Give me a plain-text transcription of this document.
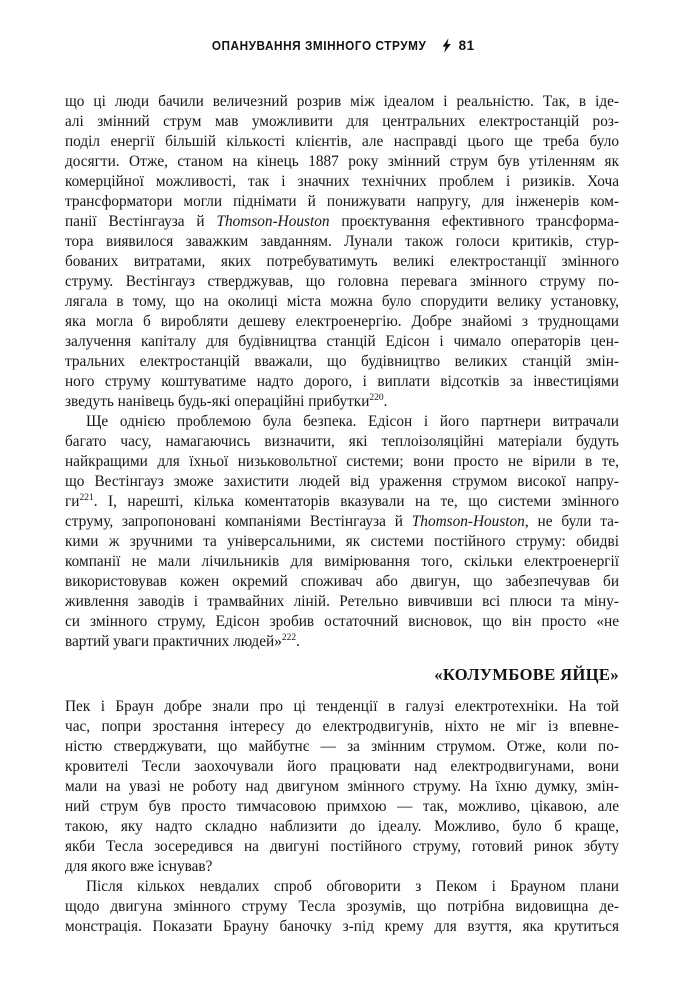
ОПАНУВАННЯ ЗМІННОГО СТРУМУ 81
що ці люди бачили величезний розрив між ідеалом і реальністю. Так, в іде-
алі змінний струм мав уможливити для центральних електростанцій роз-
поділ енергії більшій кількості клієнтів, але насправді цього ще треба було
досягти. Отже, станом на кінець 1887 року змінний струм був утіленням як
комерційної можливості, так і значних технічних проблем і ризиків. Хоча
трансформатори могли піднімати й понижувати напругу, для інженерів ком-
панії Вестінгауза й Thomson-Houston проєктування ефективного трансформа-
тора виявилося заважким завданням. Лунали також голоси критиків, стур-
бованих витратами, яких потребуватимуть великі електростанції змінного
струму. Вестінгауз стверджував, що головна перевага змінного струму по-
лягала в тому, що на околиці міста можна було спорудити велику установку,
яка могла б виробляти дешеву електроенергію. Добре знайомі з труднощами
залучення капіталу для будівництва станцій Едісон і чимало операторів цен-
тральних електростанцій вважали, що будівництво великих станцій змін-
ного струму коштуватиме надто дорого, і виплати відсотків за інвестиціями
зведуть нанівець будь-які операційні прибутки$^{220}$.
Ще однією проблемою була безпека. Едісон і його партнери витрачали
багато часу, намагаючись визначити, які теплоізоляційні матеріали будуть
найкращими для їхньої низьковольтної системи; вони просто не вірили в те,
що Вестінгауз зможе захистити людей від ураження струмом високої напру-
$ги^{221}$. І, нарешті, кілька коментаторів вказували на те, що системи змінного
струму, запропоновані компаніями Вестінгауза й Thomson-Houston, не були та-
кими ж зручними та універсальними, як системи постійного струму: обидві
компанії не мали лічильників для вимірювання того, скільки електроенергії
використовував кожен окремий споживач або двигун, що забезпечував би
живлення заводів і трамвайних ліній. Ретельно вивчивши всі плюси та міну-
си змінного струму, Едісон зробив остаточний висновок, що він просто «не
вартий уваги практичних людей»$^{222}$.
«КОЛУМБОВЕ ЯЙЦЕ»
Пек і Браун добре знали про ці тенденції в галузі електротехніки. На той
час, попри зростання інтересу до електродвигунів, ніхто не міг із впевне-
ністю стверджувати, що майбутнє — за змінним струмом. Отже, коли по-
кровителі Тесли заохочували його працювати над електродвигунами, вони
мали на увазі не роботу над двигуном змінного струму. На їхню думку, змін-
ний струм був просто тимчасовою примхою — так, можливо, цікавою, але
такою, яку надто складно наблизити до ідеалу. Можливо, було б краще,
якби Тесла зосередився на двигуні постійного струму, готовий ринок збуту
для якого вже існував?
Після кількох невдалих спроб обговорити з Пеком і Брауном плани
щодо двигуна змінного струму Тесла зрозумів, що потрібна видовищна де-
монстрація. Показати Брауну баночку з-під крему для взуття, яка крутиться
